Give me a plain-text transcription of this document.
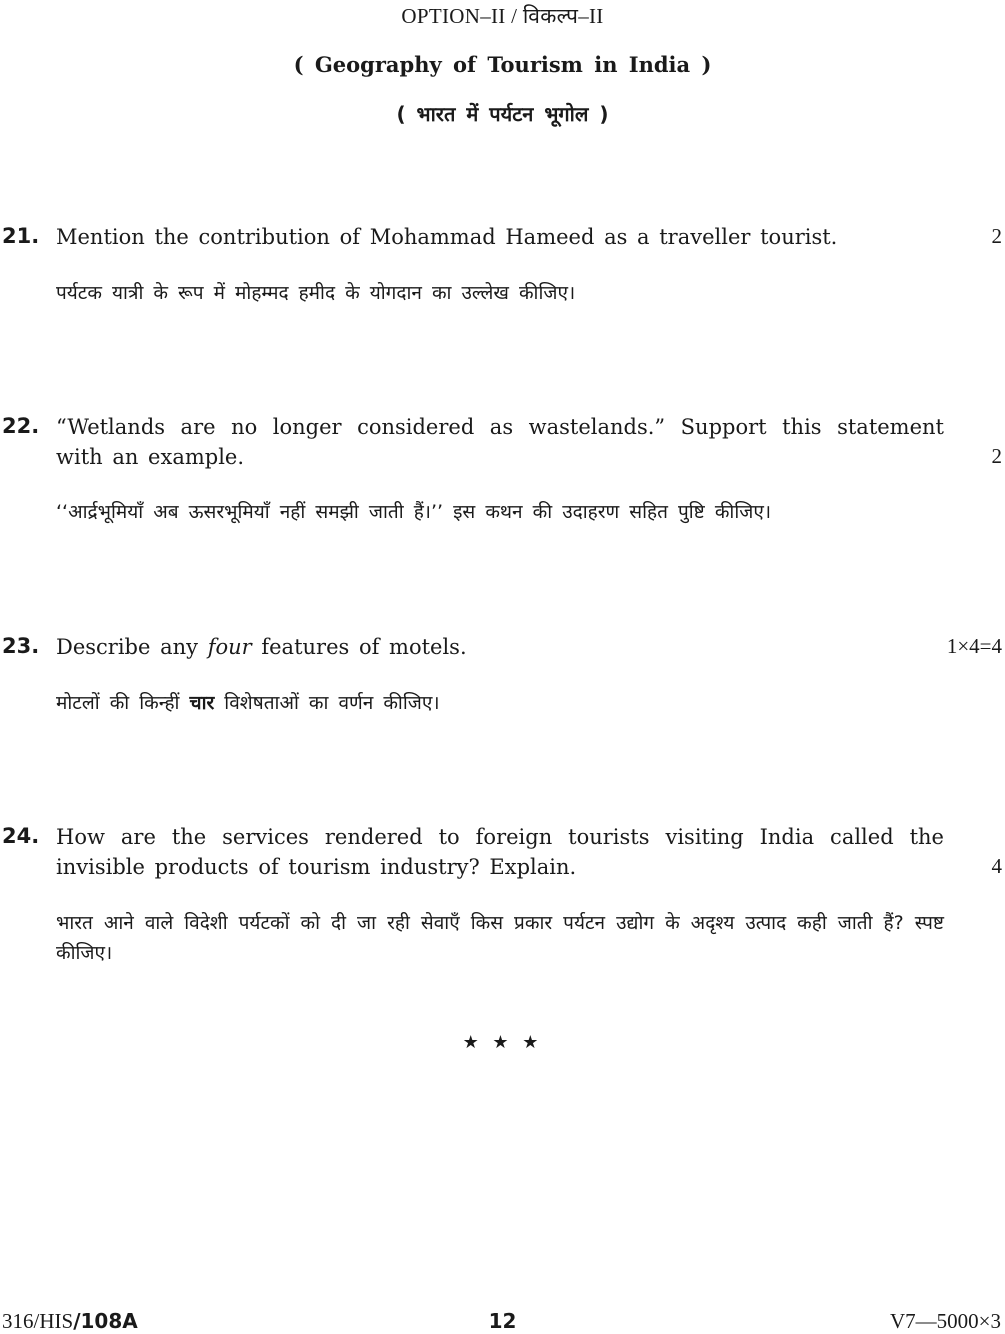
OPTION–II / विकल्प–II
( Geography of Tourism in India )
( भारत में पर्यटन भूगोल )
21. Mention the contribution of Mohammad Hameed as a traveller tourist.	2
पर्यटक यात्री के रूप में मोहम्मद हमीद के योगदान का उल्लेख कीजिए।
22. “Wetlands are no longer considered as wastelands.” Support this statement with an example.	2
‘‘आर्द्रभूमियाँ अब ऊसरभूमियाँ नहीं समझी जाती हैं।’’ इस कथन की उदाहरण सहित पुष्टि कीजिए।
23. Describe any four features of motels.	1×4=4
मोटलों की किन्हीं चार विशेषताओं का वर्णन कीजिए।
24. How are the services rendered to foreign tourists visiting India called the invisible products of tourism industry? Explain.	4
भारत आने वाले विदेशी पर्यटकों को दी जा रही सेवाएँ किस प्रकार पर्यटन उद्योग के अदृश्य उत्पाद कही जाती हैं? स्पष्ट कीजिए।
★ ★ ★
316/HIS/108A	12	V7—5000×3
